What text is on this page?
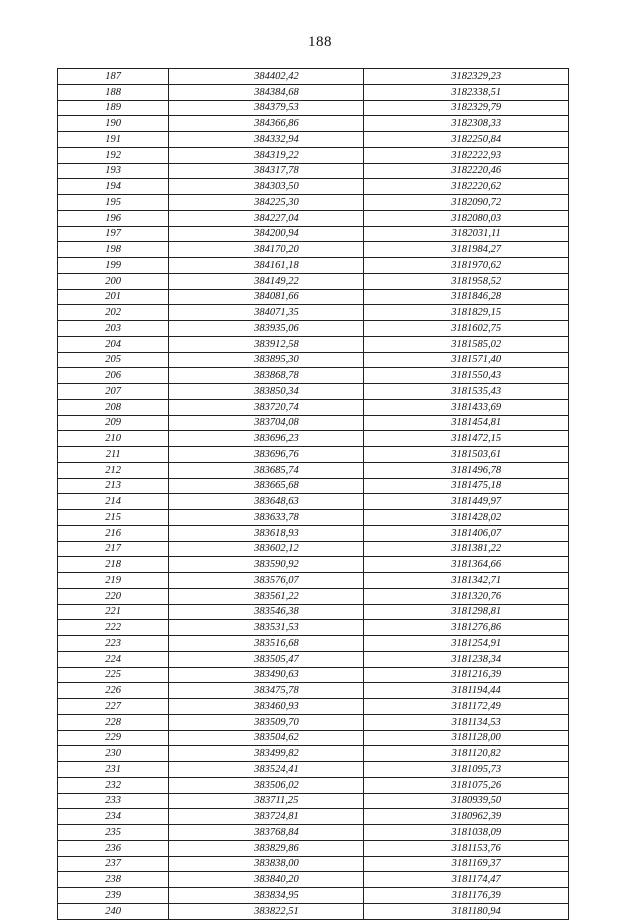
188
187	384402,42	3182329,23
188	384384,68	3182338,51
189	384379,53	3182329,79
190	384366,86	3182308,33
191	384332,94	3182250,84
192	384319,22	3182222,93
193	384317,78	3182220,46
194	384303,50	3182220,62
195	384225,30	3182090,72
196	384227,04	3182080,03
197	384200,94	3182031,11
198	384170,20	3181984,27
199	384161,18	3181970,62
200	384149,22	3181958,52
201	384081,66	3181846,28
202	384071,35	3181829,15
203	383935,06	3181602,75
204	383912,58	3181585,02
205	383895,30	3181571,40
206	383868,78	3181550,43
207	383850,34	3181535,43
208	383720,74	3181433,69
209	383704,08	3181454,81
210	383696,23	3181472,15
211	383696,76	3181503,61
212	383685,74	3181496,78
213	383665,68	3181475,18
214	383648,63	3181449,97
215	383633,78	3181428,02
216	383618,93	3181406,07
217	383602,12	3181381,22
218	383590,92	3181364,66
219	383576,07	3181342,71
220	383561,22	3181320,76
221	383546,38	3181298,81
222	383531,53	3181276,86
223	383516,68	3181254,91
224	383505,47	3181238,34
225	383490,63	3181216,39
226	383475,78	3181194,44
227	383460,93	3181172,49
228	383509,70	3181134,53
229	383504,62	3181128,00
230	383499,82	3181120,82
231	383524,41	3181095,73
232	383506,02	3181075,26
233	383711,25	3180939,50
234	383724,81	3180962,39
235	383768,84	3181038,09
236	383829,86	3181153,76
237	383838,00	3181169,37
238	383840,20	3181174,47
239	383834,95	3181176,39
240	383822,51	3181180,94
